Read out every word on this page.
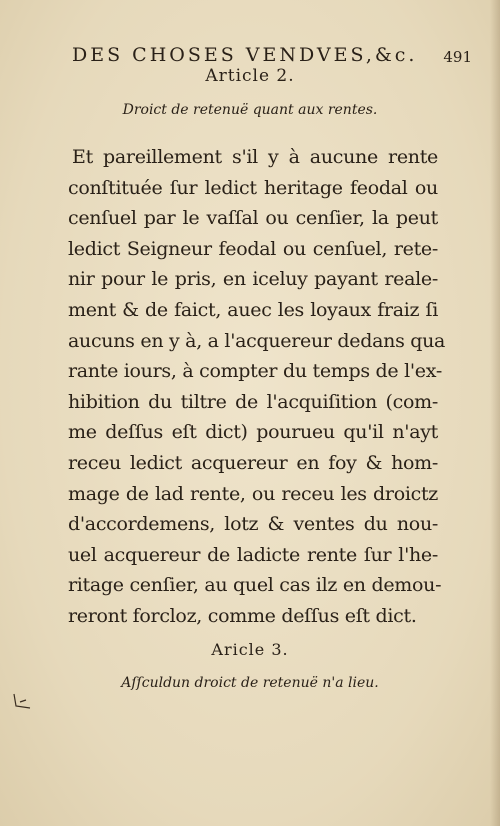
DES CHOSES VENDVES,&c. 491
Article 2.
Droict de retenuë quant aux rentes.
Et pareillement s'il y à aucune rente
conſtituée ſur ledict heritage feodal ou
cenſuel par le vaſſal ou cenſier, la peut
ledict Seigneur feodal ou cenſuel, rete-
nir pour le pris, en iceluy payant reale-
ment & de faict, auec les loyaux fraiz ſi
aucuns en y à, a l'acquereur dedans qua
rante iours, à compter du temps de l'ex-
hibition du tiltre de l'acquiſition (com-
me deſſus eſt dict) pourueu qu'il n'ayt
receu ledict acquereur en foy & hom-
mage de lad rente, ou receu les droictz
d'accordemens, lotz & ventes du nou-
uel acquereur de ladicte rente ſur l'he-
ritage cenſier, au quel cas ilz en demou-
reront forcloz, comme deſſus eſt dict.
Aricle 3.
Aſſculdun droict de retenuë n'a lieu.
